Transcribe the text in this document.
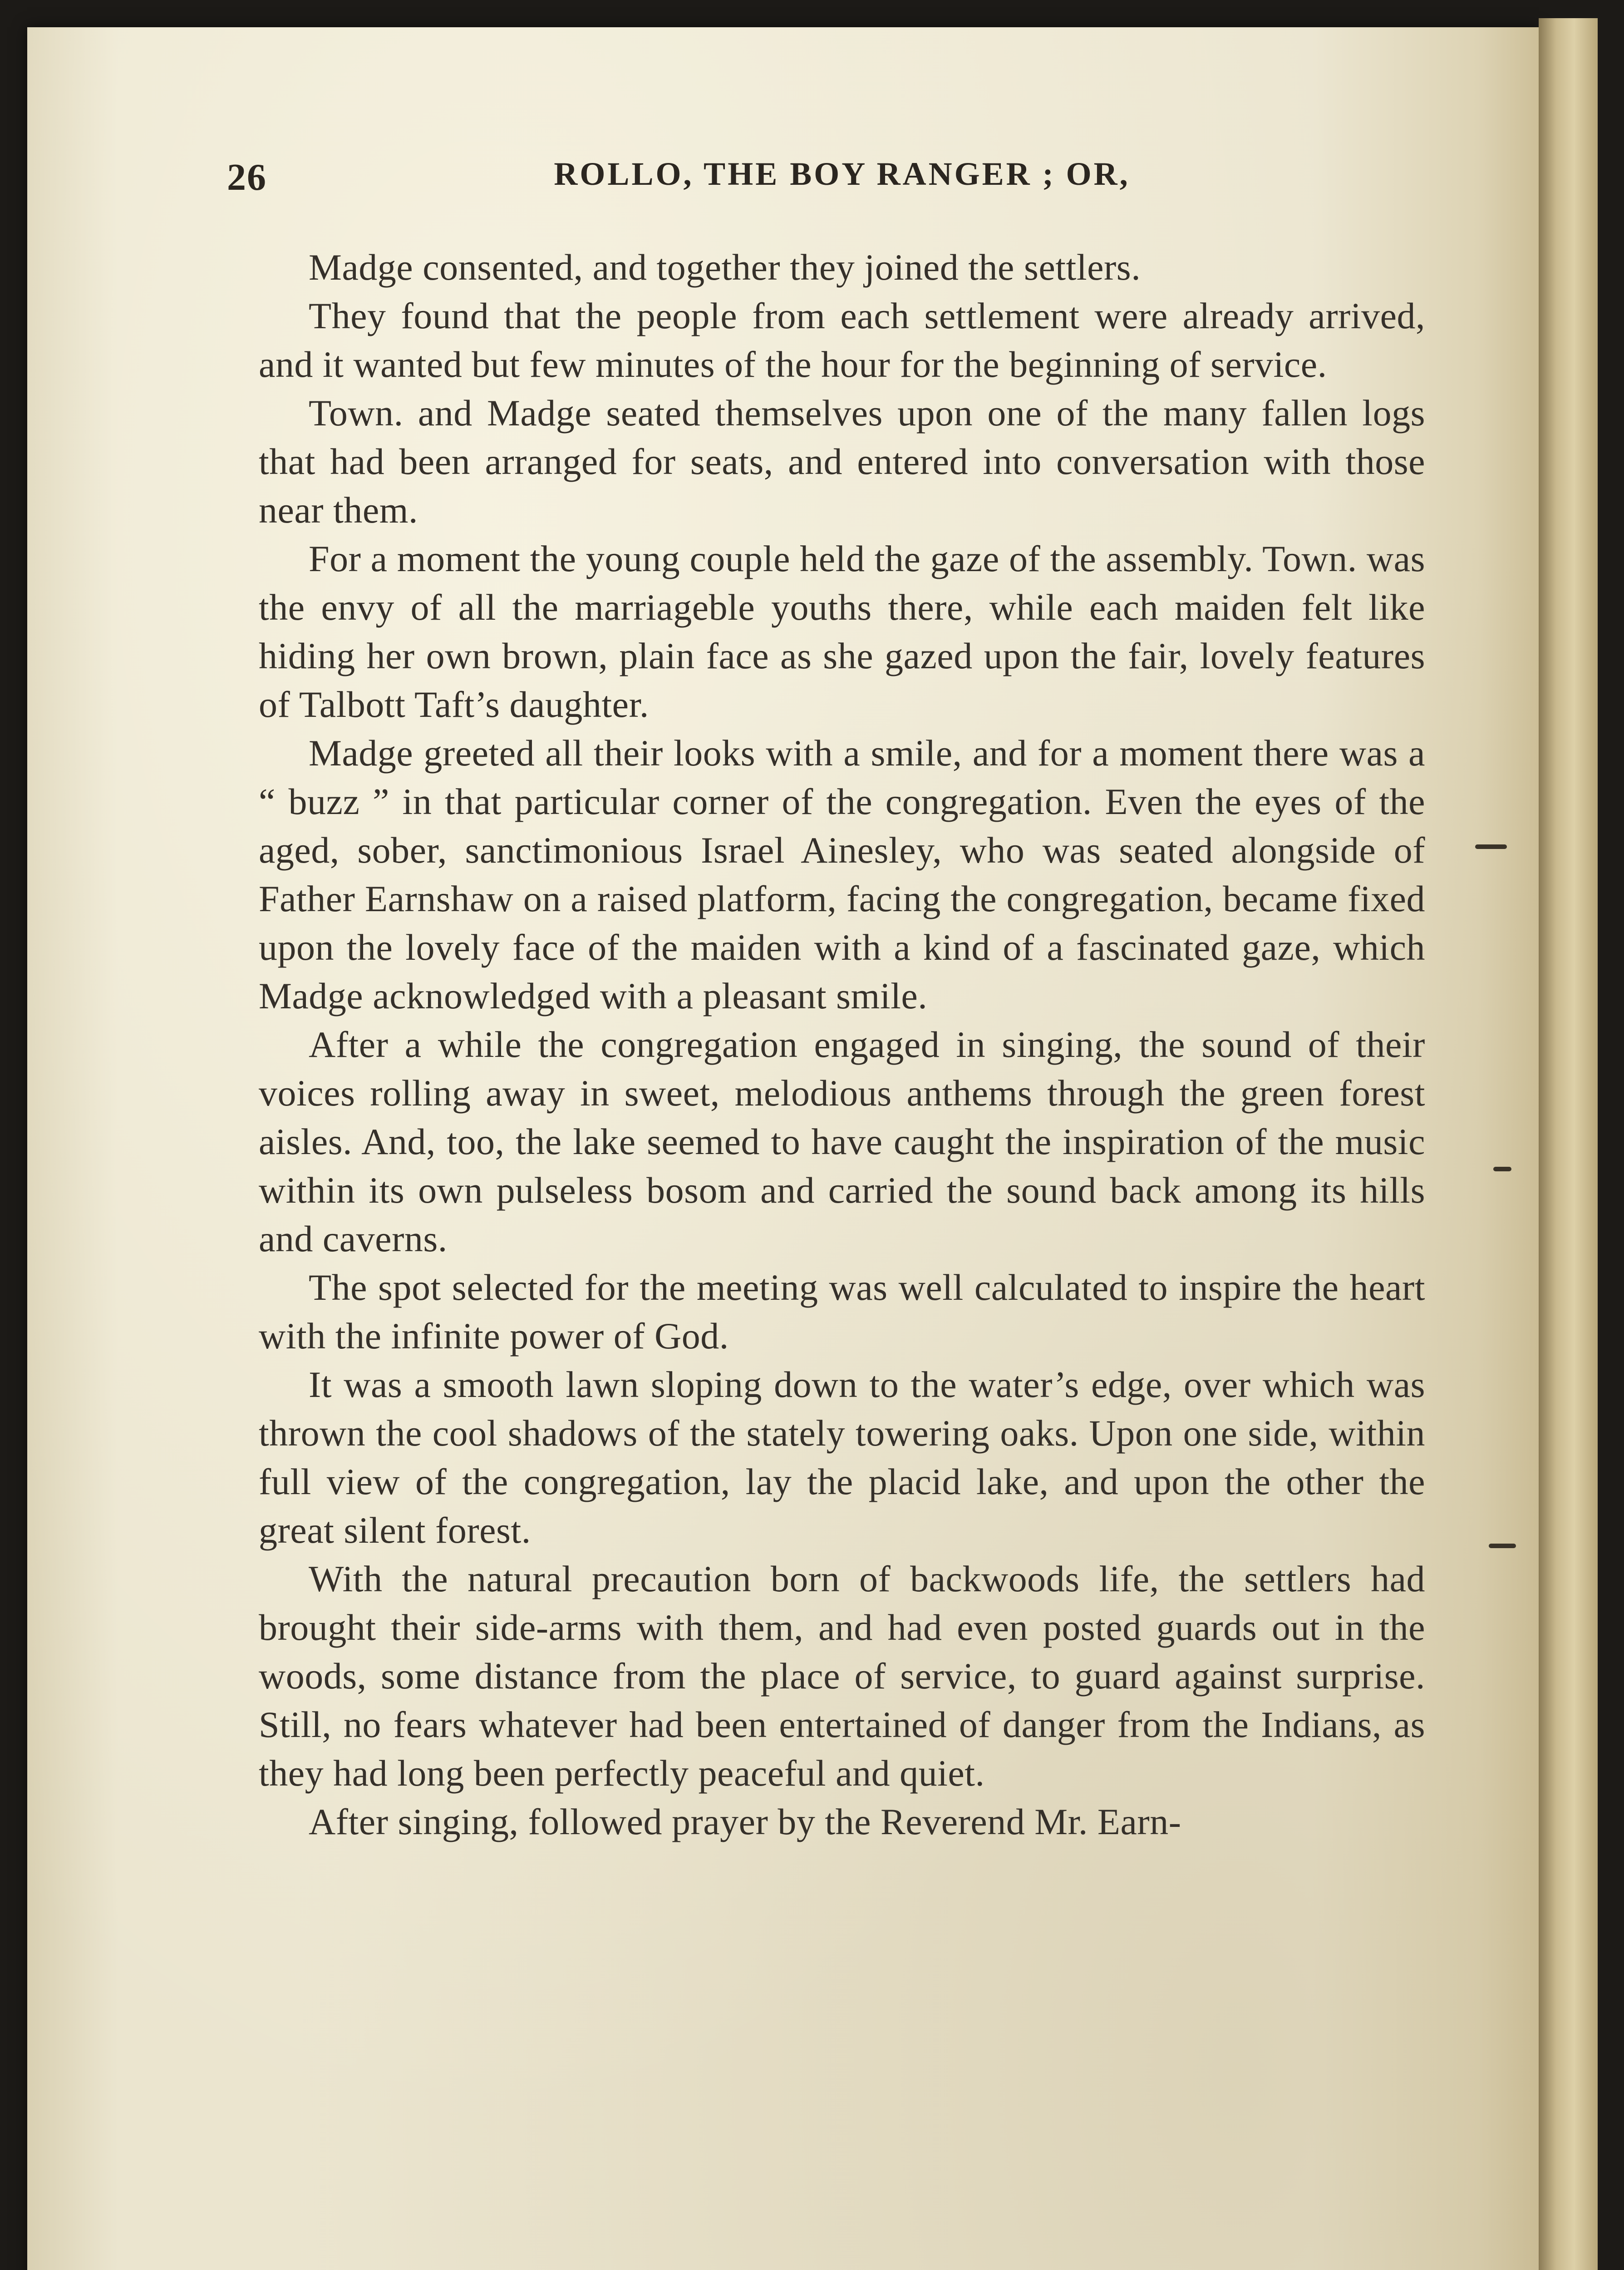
26	ROLLO, THE BOY RANGER ; OR,

Madge consented, and together they joined the settlers.

They found that the people from each settlement were already arrived, and it wanted but few minutes of the hour for the beginning of service.

Town. and Madge seated themselves upon one of the many fallen logs that had been arranged for seats, and entered into conversation with those near them.

For a moment the young couple held the gaze of the assembly. Town. was the envy of all the marriageble youths there, while each maiden felt like hiding her own brown, plain face as she gazed upon the fair, lovely features of Talbott Taft’s daughter.

Madge greeted all their looks with a smile, and for a moment there was a “ buzz ” in that particular corner of the congregation. Even the eyes of the aged, sober, sanctimonious Israel Ainesley, who was seated alongside of Father Earnshaw on a raised platform, facing the congregation, became fixed upon the lovely face of the maiden with a kind of a fascinated gaze, which Madge acknowledged with a pleasant smile.

After a while the congregation engaged in singing, the sound of their voices rolling away in sweet, melodious anthems through the green forest aisles. And, too, the lake seemed to have caught the inspiration of the music within its own pulseless bosom and carried the sound back among its hills and caverns.

The spot selected for the meeting was well calculated to inspire the heart with the infinite power of God.

It was a smooth lawn sloping down to the water’s edge, over which was thrown the cool shadows of the stately towering oaks. Upon one side, within full view of the congregation, lay the placid lake, and upon the other the great silent forest.

With the natural precaution born of backwoods life, the settlers had brought their side-arms with them, and had even posted guards out in the woods, some distance from the place of service, to guard against surprise. Still, no fears whatever had been entertained of danger from the Indians, as they had long been perfectly peaceful and quiet.

After singing, followed prayer by the Reverend Mr. Earn-
